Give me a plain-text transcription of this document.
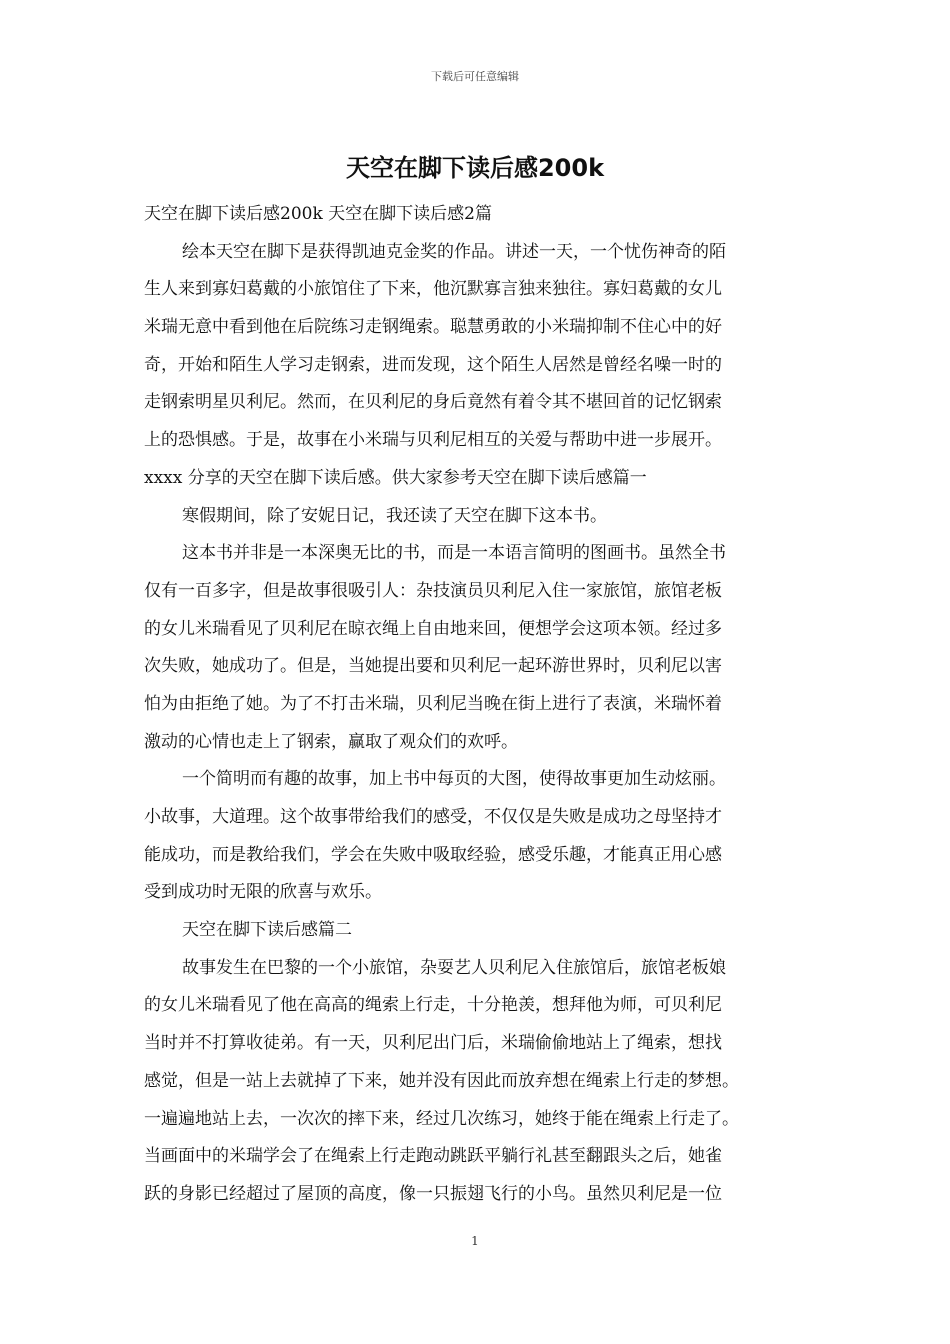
下载后可任意编辑
天空在脚下读后感200k
天空在脚下读后感200k 天空在脚下读后感2篇
绘本天空在脚下是获得凯迪克金奖的作品。讲述一天，一个忧伤神奇的陌
生人来到寡妇葛戴的小旅馆住了下来，他沉默寡言独来独往。寡妇葛戴的女儿
米瑞无意中看到他在后院练习走钢绳索。聪慧勇敢的小米瑞抑制不住心中的好
奇，开始和陌生人学习走钢索，进而发现，这个陌生人居然是曾经名噪一时的
走钢索明星贝利尼。然而，在贝利尼的身后竟然有着令其不堪回首的记忆钢索
上的恐惧感。于是，故事在小米瑞与贝利尼相互的关爱与帮助中进一步展开。
xxxx 分享的天空在脚下读后感。供大家参考天空在脚下读后感篇一
寒假期间，除了安妮日记，我还读了天空在脚下这本书。
这本书并非是一本深奥无比的书，而是一本语言简明的图画书。虽然全书
仅有一百多字，但是故事很吸引人：杂技演员贝利尼入住一家旅馆，旅馆老板
的女儿米瑞看见了贝利尼在晾衣绳上自由地来回，便想学会这项本领。经过多
次失败，她成功了。但是，当她提出要和贝利尼一起环游世界时，贝利尼以害
怕为由拒绝了她。为了不打击米瑞，贝利尼当晚在街上进行了表演，米瑞怀着
激动的心情也走上了钢索，赢取了观众们的欢呼。
一个简明而有趣的故事，加上书中每页的大图，使得故事更加生动炫丽。
小故事，大道理。这个故事带给我们的感受，不仅仅是失败是成功之母坚持才
能成功，而是教给我们，学会在失败中吸取经验，感受乐趣，才能真正用心感
受到成功时无限的欣喜与欢乐。
天空在脚下读后感篇二
故事发生在巴黎的一个小旅馆，杂耍艺人贝利尼入住旅馆后，旅馆老板娘
的女儿米瑞看见了他在高高的绳索上行走，十分艳羡，想拜他为师，可贝利尼
当时并不打算收徒弟。有一天，贝利尼出门后，米瑞偷偷地站上了绳索，想找
感觉，但是一站上去就掉了下来，她并没有因此而放弃想在绳索上行走的梦想。
一遍遍地站上去，一次次的摔下来，经过几次练习，她终于能在绳索上行走了。
当画面中的米瑞学会了在绳索上行走跑动跳跃平躺行礼甚至翻跟头之后，她雀
跃的身影已经超过了屋顶的高度，像一只振翅飞行的小鸟。虽然贝利尼是一位
1
